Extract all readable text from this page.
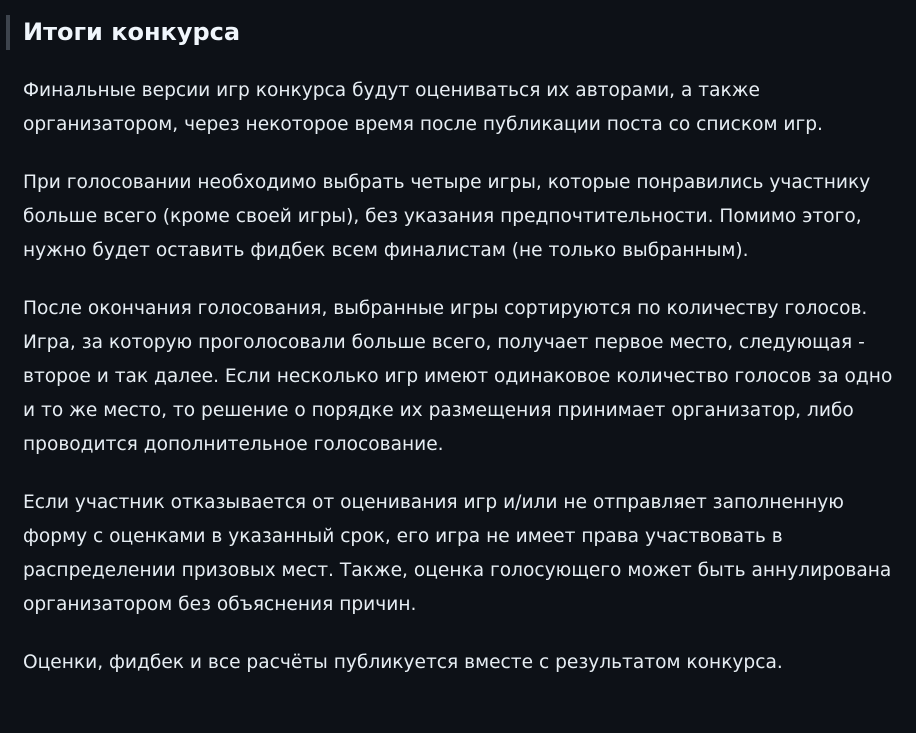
Итоги конкурса

Финальные версии игр конкурса будут оцениваться их авторами, а также организатором, через некоторое время после публикации поста со списком игр.

При голосовании необходимо выбрать четыре игры, которые понравились участнику больше всего (кроме своей игры), без указания предпочтительности. Помимо этого, нужно будет оставить фидбек всем финалистам (не только выбранным).

После окончания голосования, выбранные игры сортируются по количеству голосов. Игра, за которую проголосовали больше всего, получает первое место, следующая - второе и так далее. Если несколько игр имеют одинаковое количество голосов за одно и то же место, то решение о порядке их размещения принимает организатор, либо проводится дополнительное голосование.

Если участник отказывается от оценивания игр и/или не отправляет заполненную форму с оценками в указанный срок, его игра не имеет права участвовать в распределении призовых мест. Также, оценка голосующего может быть аннулирована организатором без объяснения причин.

Оценки, фидбек и все расчёты публикуется вместе с результатом конкурса.
